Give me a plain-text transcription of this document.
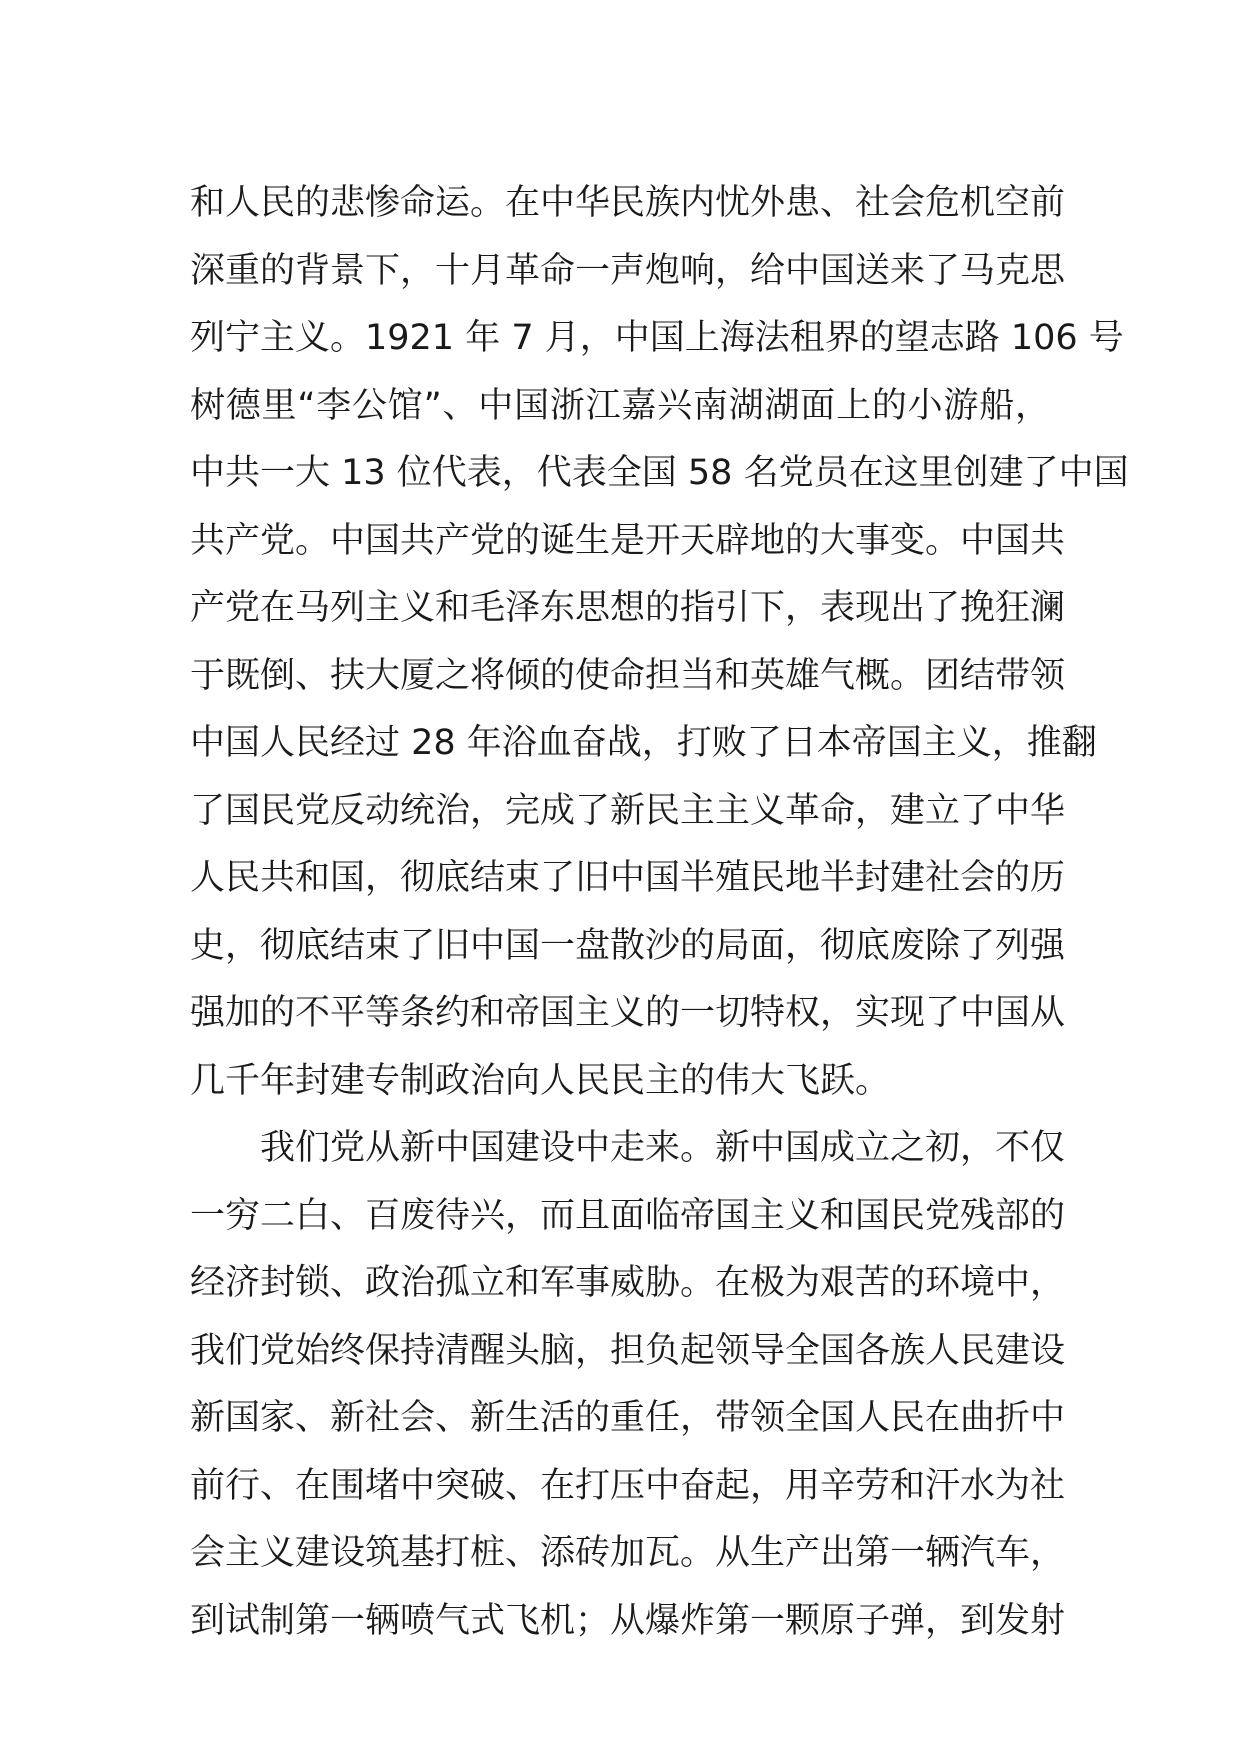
和人民的悲惨命运。在中华民族内忧外患、社会危机空前
深重的背景下，十月革命一声炮响，给中国送来了马克思
列宁主义。1921 年 7 月，中国上海法租界的望志路 106 号
树德里“李公馆”、中国浙江嘉兴南湖湖面上的小游船，
中共一大 13 位代表，代表全国 58 名党员在这里创建了中国
共产党。中国共产党的诞生是开天辟地的大事变。中国共
产党在马列主义和毛泽东思想的指引下，表现出了挽狂澜
于既倒、扶大厦之将倾的使命担当和英雄气概。团结带领
中国人民经过 28 年浴血奋战，打败了日本帝国主义，推翻
了国民党反动统治，完成了新民主主义革命，建立了中华
人民共和国，彻底结束了旧中国半殖民地半封建社会的历
史，彻底结束了旧中国一盘散沙的局面，彻底废除了列强
强加的不平等条约和帝国主义的一切特权，实现了中国从
几千年封建专制政治向人民民主的伟大飞跃。
我们党从新中国建设中走来。新中国成立之初，不仅
一穷二白、百废待兴，而且面临帝国主义和国民党残部的
经济封锁、政治孤立和军事威胁。在极为艰苦的环境中，
我们党始终保持清醒头脑，担负起领导全国各族人民建设
新国家、新社会、新生活的重任，带领全国人民在曲折中
前行、在围堵中突破、在打压中奋起，用辛劳和汗水为社
会主义建设筑基打桩、添砖加瓦。从生产出第一辆汽车，
到试制第一辆喷气式飞机；从爆炸第一颗原子弹，到发射
